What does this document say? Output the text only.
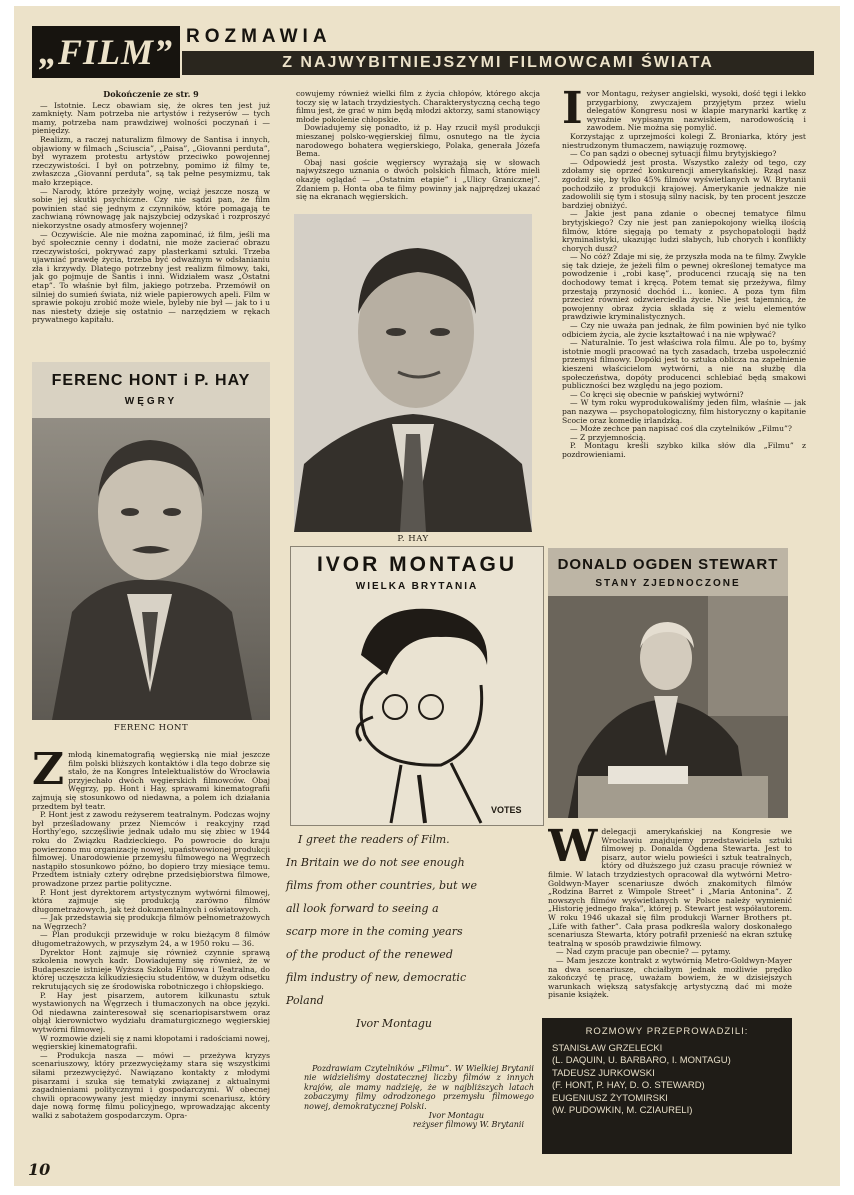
„FILM” ROZMAWIA
Z NAJWYBITNIEJSZYMI FILMOWCAMI ŚWIATA

Dokończenie ze str. 9

— Istotnie. Lecz obawiam się, że okres ten jest już zamknięty. Nam potrzeba nie artystów i reżyserów — tych mamy, potrzeba nam prawdziwej wolności poczynań i — pieniędzy.

Realizm, a raczej naturalizm filmowy de Santisa i innych, objawiony w filmach „Sciuscia”, „Paisa”, „Giovanni perduta”, był wyrazem protestu artystów przeciwko powojennej rzeczywistości. I był on potrzebny, pomimo iż filmy te, zwłaszcza „Giovanni perduta”, są tak pełne pesymizmu, tak mało krzepiące.

— Narody, które przeżyły wojnę, wciąż jeszcze noszą w sobie jej skutki psychiczne. Czy nie sądzi pan, że film powinien stać się jednym z czynników, które pomagają te zachwianą równowagę jak najszybciej odzyskać i rozproszyć niekorzystne osady atmosfery wojennej?

— Oczywiście. Ale nie można zapominać, iż film, jeśli ma być społecznie cenny i dodatni, nie może zacierać obrazu rzeczywistości, pokrywać zapy plasterkami sztuki. Trzeba ujawniać prawdę życia, trzeba być odważnym w odsłanianiu zła i krzywdy. Dlatego potrzebny jest realizm filmowy, taki, jak go pojmuje de Santis i inni. Widziałem wasz „Ostatni etap”. To właśnie był film, jakiego potrzeba. Przemówił on silniej do sumień świata, niż wiele papierowych apeli. Film w sprawie pokoju zrobić może wiele, byleby nie był — jak to i u nas niestety dzieje się ostatnio — narzędziem w rękach prywatnego kapitału.

FERENC HONT i P. HAY
WĘGRY
FERENC HONT
Z młodą kinematografią węgierską nie miał jeszcze film polski bliższych kontaktów i dla tego dobrze się stało, że na Kongres Intelektualistów do Wrocławia przyjechało dwóch węgierskich filmowców. Obaj Węgrzy, pp. Hont i Hay, sprawami kinematografii zajmują się stosunkowo od niedawna, a polem ich działania przedtem był teatr.

P. Hont jest z zawodu reżyserem teatralnym. Podczas wojny był prześladowany przez Niemców i reakcyjny rząd Horthy'ego, szczęśliwie jednak udało mu się zbiec w 1944 roku do Związku Radzieckiego. Po powrocie do kraju powierzono mu organizację nowej, upaństwowionej produkcji filmowej. Unarodowienie przemysłu filmowego na Węgrzech nastąpiło stosunkowo późno, bo dopiero trzy miesiące temu. Przedtem istniały cztery odrębne przedsiębiorstwa filmowe, prowadzone przez partie polityczne.

P. Hont jest dyrektorem artystycznym wytwórni filmowej, która zajmuje się produkcją zarówno filmów długometrażowych, jak też dokumentalnych i oświatowych.

— Jak przedstawia się produkcja filmów pełnometrażowych na Węgrzech?

— Plan produkcji przewiduje w roku bieżącym 8 filmów długometrażowych, w przyszłym 24, a w 1950 roku — 36.

Dyrektor Hont zajmuje się również czynnie sprawą szkolenia nowych kadr. Dowiadujemy się również, że w Budapeszcie istnieje Wyższa Szkoła Filmowa i Teatralna, do której uczęszcza kilkudziesięciu studentów, w dużym odsetku rekrutujących się ze środowiska robotniczego i chłopskiego.

P. Hay jest pisarzem, autorem kilkunastu sztuk wystawionych na Węgrzech i tłumaczonych na obce języki. Od niedawna zainteresował się scenariopisarstwem oraz objął kierownictwo wydziału dramaturgicznego węgierskiej wytwórni filmowej.

W rozmowie dzieli się z nami kłopotami i radościami nowej, węgierskiej kinematografii.

— Produkcja nasza — mówi — przeżywa kryzys scenariuszowy, który przezwyciężamy stara się wszystkimi siłami przezwyciężyć. Nawiązano kontakty z młodymi pisarzami i szuka się tematyki związanej z aktualnymi zagadnieniami politycznymi i gospodarczymi. W obecnej chwili opracowywany jest między innymi scenariusz, który daje nową formę filmu policyjnego, wprowadzając akcenty walki z sabotażem gospodarczym. Opra-

cowujemy również wielki film z życia chłopów, którego akcja toczy się w latach trzydziestych. Charakterystyczną cechą tego filmu jest, że grać w nim będą młodzi aktorzy, sami stanowiący młode pokolenie chłopskie.

Dowiadujemy się ponadto, iż p. Hay rzucił myśl produkcji mieszanej polsko-węgierskiej filmu, osnutego na tle życia narodowego bohatera węgierskiego, Polaka, generała Józefa Bema.

Obaj nasi goście węgierscy wyrażają się w słowach najwyższego uznania o dwóch polskich filmach, które mieli okazję oglądać — „Ostatnim etapie” i „Ulicy Granicznej”. Zdaniem p. Honta oba te filmy powinny jak najprędzej ukazać się na ekranach węgierskich.

P. HAY
IVOR MONTAGU
WIELKA BRYTANIA
VOTES
I greet the readers of Film.
In Britain we do not see enough
films from other countries, but we
all look forward to seeing a
scarp more in the coming years
of the product of the renewed
film industry of new, democratic
Poland
Ivor Montagu

Pozdrawiam Czytelników „Filmu”. W Wielkiej Brytanii nie widzieliśmy dostatecznej liczby filmów z innych krajów, ale mamy nadzieję, że w najbliższych latach zobaczymy filmy odrodzonego przemysłu filmowego nowej, demokratycznej Polski.

Ivor Montagu
reżyser filmowy W. Brytanii
I vor Montagu, reżyser angielski, wysoki, dość tęgi i lekko przygarbiony, zwyczajem przyjętym przez wielu delegatów Kongresu nosi w klapie marynarki kartkę z wyraźnie wypisanym nazwiskiem, narodowością i zawodem. Nie można się pomylić.

Korzystając z uprzejmości kolegi Z. Broniarka, który jest niestrudzonym tłumaczem, nawiązuję rozmowę.

— Co pan sądzi o obecnej sytuacji filmu brytyjskiego?

— Odpowiedź jest prosta. Wszystko zależy od tego, czy zdołamy się oprzeć konkurencji amerykańskiej. Rząd nasz zgodził się, by tylko 45% filmów wyświetlanych w W. Brytanii pochodziło z produkcji krajowej. Amerykanie jednakże nie zadowolili się tym i stosują silny nacisk, by ten procent jeszcze bardziej obniżyć.

— Jakie jest pana zdanie o obecnej tematyce filmu brytyjskiego? Czy nie jest pan zaniepokojony wielką ilością filmów, które sięgają po tematy z psychopatologii bądź kryminalistyki, ukazując ludzi słabych, lub chorych i konflikty chorych dusz?

— No cóż? Zdaje mi się, że przyszła moda na te filmy. Zwykle się tak dzieje, że jeżeli film o pewnej określonej tematyce ma powodzenie i „robi kasę”, producenci rzucają się na ten dochodowy temat i kręcą. Potem temat się przeżywa, filmy przestają przynosić dochód i... koniec. A poza tym film przecież również odzwierciedla życie. Nie jest tajemnicą, że powojenny obraz życia składa się z wielu elementów prawdziwie kryminalistycznych.

— Czy nie uważa pan jednak, że film powinien być nie tylko odbiciem życia, ale życie kształtować i na nie wpływać?

— Naturalnie. To jest właściwa rola filmu. Ale po to, byśmy istotnie mogli pracować na tych zasadach, trzeba uspołecznić przemysł filmowy. Dopóki jest to sztuka oblicza na zapełnienie kieszeni właścicielom wytwórni, a nie na służbę dla społeczeństwa, dopóty producenci schlebiać będą smakowi publiczności bez względu na jego poziom.

— Co kręci się obecnie w pańskiej wytwórni?

— W tym roku wyprodukowaliśmy jeden film, właśnie — jak pan nazywa — psychopatologiczny, film historyczny o kapitanie Scocie oraz komedię irlandzką.

— Może zechce pan napisać coś dla czytelników „Filmu”?

— Z przyjemnością.

P. Montagu kreśli szybko kilka słów dla „Filmu” z pozdrowieniami.

DONALD OGDEN STEWART
STANY ZJEDNOCZONE
W delegacji amerykańskiej na Kongresie we Wrocławiu znajdujemy przedstawiciela sztuki filmowej p. Donalda Ogdena Stewarta. Jest to pisarz, autor wielu powieści i sztuk teatralnych, który od dłuższego już czasu pracuje również w filmie. W latach trzydziestych opracował dla wytwórni Metro-Goldwyn-Mayer scenariusze dwóch znakomitych filmów „Rodzina Barret z Wimpole Street” i „Maria Antonina”. Z nowszych filmów wyświetlanych w Polsce należy wymienić „Historię jednego fraka”, której p. Stewart jest współautorem. W roku 1946 ukazał się film produkcji Warner Brothers pt. „Life with father”. Cała prasa podkreśla walory doskonałego scenariusza Stewarta, który potrafił przenieść na ekran sztukę teatralną w sposób prawdziwie filmowy.

— Nad czym pracuje pan obecnie? — pytamy.

— Mam jeszcze kontrakt z wytwórnią Metro-Goldwyn-Mayer na dwa scenariusze, chciałbym jednak możliwie prędko zakończyć tę pracę, uważam bowiem, że w dzisiejszych warunkach większą satysfakcję artystyczną dać mi może pisanie książek.

ROZMOWY PRZEPROWADZILI:
STANISŁAW GRZELECKI
(L. DAQUIN, U. BARBARO, I. MONTAGU)
TADEUSZ JURKOWSKI
(F. HONT, P. HAY, D. O. STEWARD)
EUGENIUSZ ŻYTOMIRSKI
(W. PUDOWKIN, M. CZIAURELI)
10
